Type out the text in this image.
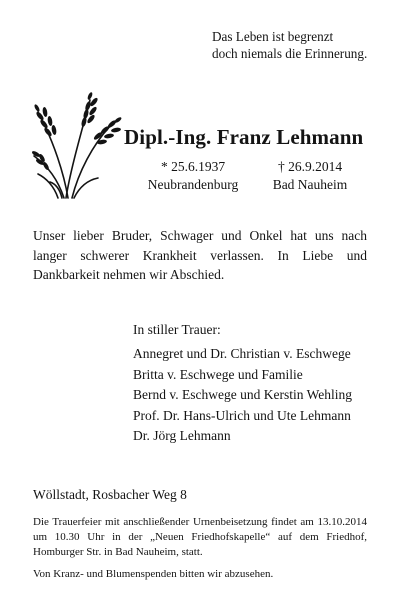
Das Leben ist begrenzt
doch niemals die Erinnerung.
Dipl.-Ing. Franz Lehmann
* 25.6.1937
Neubrandenburg
† 26.9.2014
Bad Nauheim

Unser lieber Bruder, Schwager und Onkel hat uns nach langer schwerer Krankheit verlassen. In Liebe und Dankbarkeit nehmen wir Abschied.

In stiller Trauer:
Annegret und Dr. Christian v. Eschwege
Britta v. Eschwege und Familie
Bernd v. Eschwege und Kerstin Wehling
Prof. Dr. Hans-Ulrich und Ute Lehmann
Dr. Jörg Lehmann
Wöllstadt, Rosbacher Weg 8

Die Trauerfeier mit anschließender Urnenbeisetzung findet am 13.10.2014 um 10.30 Uhr in der „Neuen Friedhofskapelle“ auf dem Friedhof, Homburger Str. in Bad Nauheim, statt.

Von Kranz- und Blumenspenden bitten wir abzusehen.
